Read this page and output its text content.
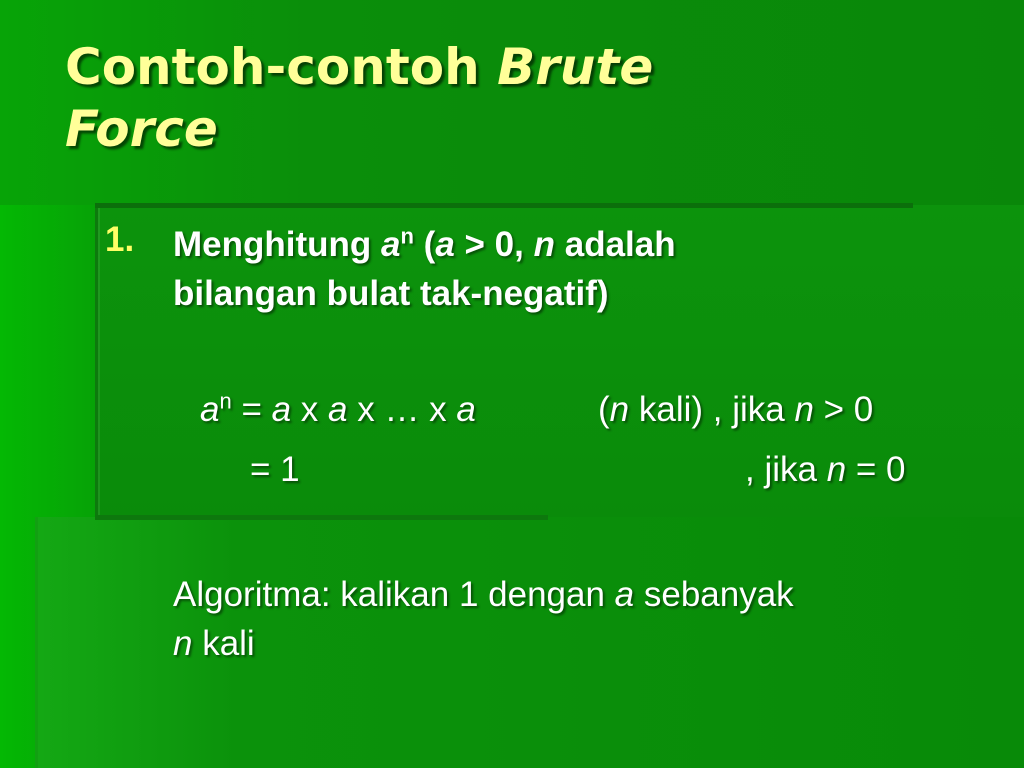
Contoh-contoh Brute
Force
1. Menghitung $a^n$ (a > 0, n adalah
bilangan bulat tak-negatif)
$a^n = a$ x a x … x a	(n kali) , jika n > 0
= 1	, jika n = 0
Algoritma: kalikan 1 dengan a sebanyak
n kali
